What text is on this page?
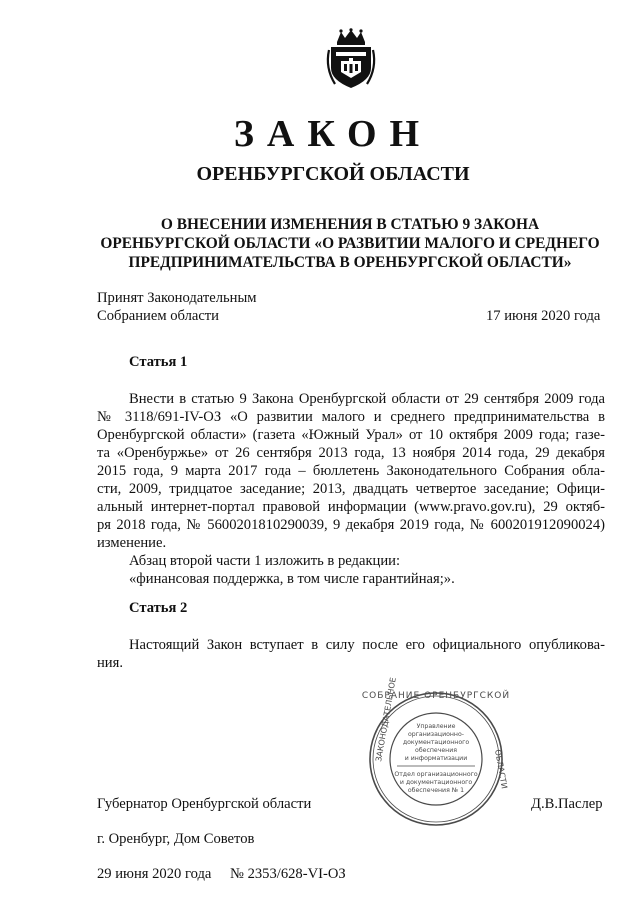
ЗАКОН
ОРЕНБУРГСКОЙ ОБЛАСТИ
О ВНЕСЕНИИ ИЗМЕНЕНИЯ В СТАТЬЮ 9 ЗАКОНА
ОРЕНБУРГСКОЙ ОБЛАСТИ «О РАЗВИТИИ МАЛОГО И СРЕДНЕГО
ПРЕДПРИНИМАТЕЛЬСТВА В ОРЕНБУРГСКОЙ ОБЛАСТИ»
Принят Законодательным
Собранием области	17 июня 2020 года
Статья 1
Внести в статью 9 Закона Оренбургской области от 29 сентября 2009 года
№ 3118/691-IV-ОЗ «О развитии малого и среднего предпринимательства в
Оренбургской области» (газета «Южный Урал» от 10 октября 2009 года; газе-
та «Оренбуржье» от 26 сентября 2013 года, 13 ноября 2014 года, 29 декабря
2015 года, 9 марта 2017 года – бюллетень Законодательного Собрания обла-
сти, 2009, тридцатое заседание; 2013, двадцать четвертое заседание; Офици-
альный интернет-портал правовой информации (www.pravo.gov.ru), 29 октяб-
ря 2018 года, № 5600201810290039, 9 декабря 2019 года, № 600201912090024)
изменение.
Абзац второй части 1 изложить в редакции:
«финансовая поддержка, в том числе гарантийная;».
Статья 2
Настоящий Закон вступает в силу после его официального опубликова-
ния.
СОБРАНИЕ ОРЕНБУРГСКОЙ
ЗАКОНОДАТЕЛЬНОЕ
ОБЛАСТИ
Управление
организационно-
документационного
обеспечения
и информатизации
Отдел организационного
и документационного
обеспечения № 1
Губернатор Оренбургской области	Д.В.Паслер
г. Оренбург, Дом Советов
29 июня 2020 года № 2353/628-VI-ОЗ
